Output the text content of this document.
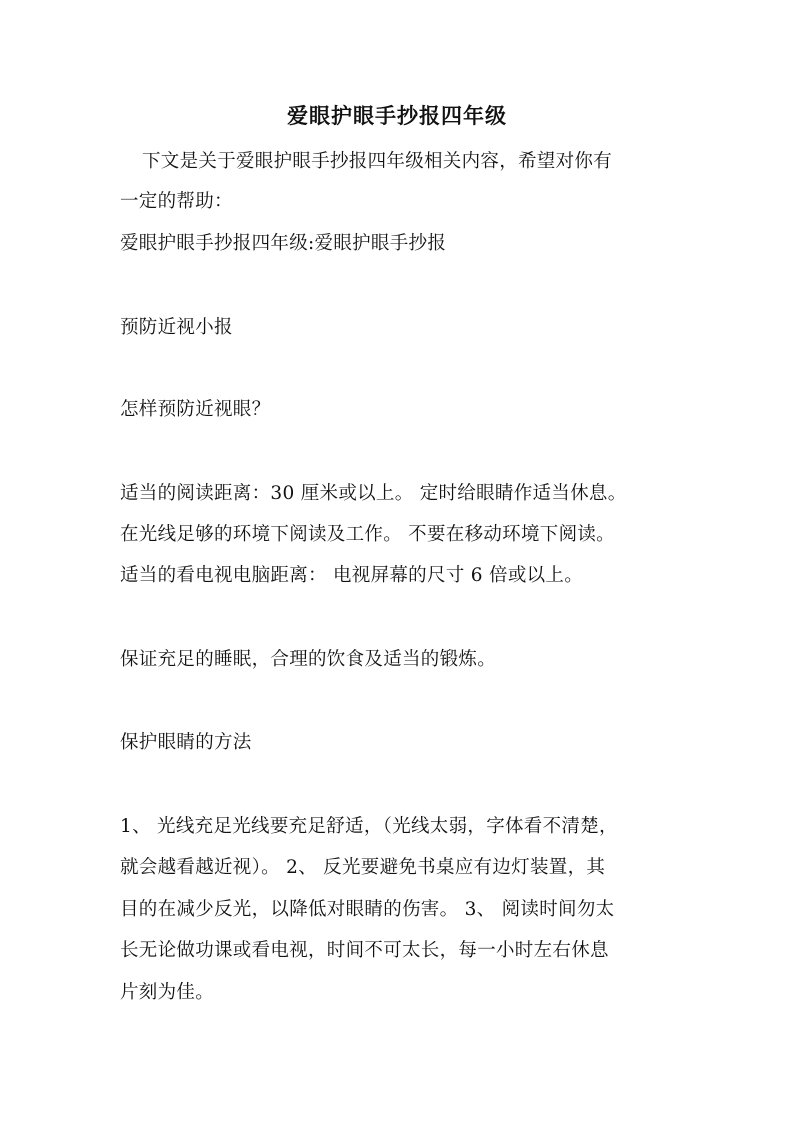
爱眼护眼手抄报四年级
下文是关于爱眼护眼手抄报四年级相关内容，希望对你有
一定的帮助：
爱眼护眼手抄报四年级:爱眼护眼手抄报
预防近视小报
怎样预防近视眼？
适当的阅读距离：30 厘米或以上。 定时给眼睛作适当休息。
在光线足够的环境下阅读及工作。 不要在移动环境下阅读。
适当的看电视电脑距离： 电视屏幕的尺寸 6 倍或以上。
保证充足的睡眠，合理的饮食及适当的锻炼。
保护眼睛的方法
1、 光线充足光线要充足舒适，（光线太弱，字体看不清楚，
就会越看越近视）。 2、 反光要避免书桌应有边灯装置，其
目的在减少反光，以降低对眼睛的伤害。 3、 阅读时间勿太
长无论做功课或看电视，时间不可太长，每一小时左右休息
片刻为佳。
